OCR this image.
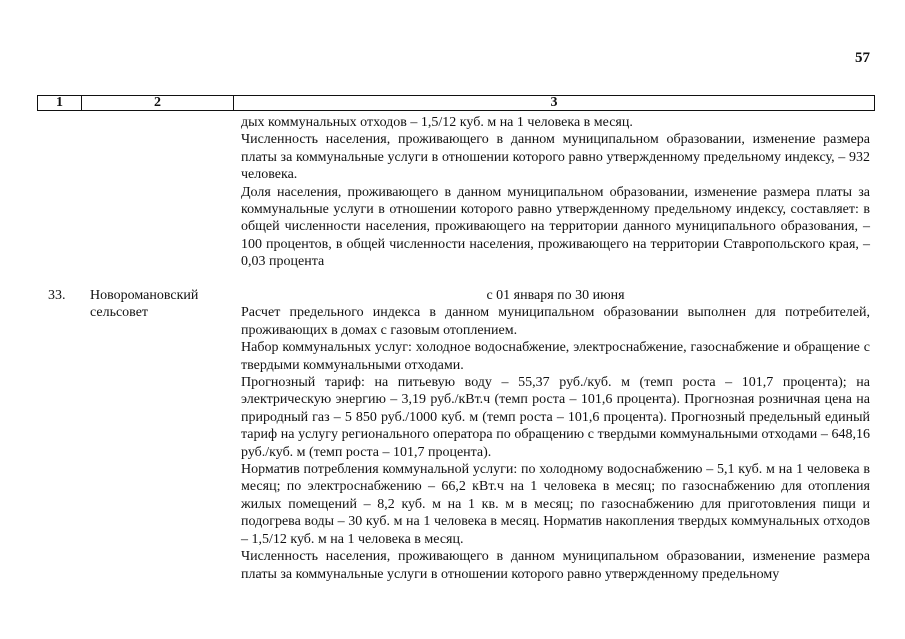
57
1	2	3

дых коммунальных отходов – 1,5/12 куб. м на 1 человека в месяц.

Численность населения, проживающего в данном муниципальном образовании, изменение размера платы за коммунальные услуги в отношении которого равно утвержденному предельному индексу, – 932 человека.

Доля населения, проживающего в данном муниципальном образовании, изменение размера платы за коммунальные услуги в отношении которого равно утвержденному предельному индексу, составляет: в общей численности населения, проживающего на территории данного муниципального образования, – 100 процентов, в общей численности населения, проживающего на территории Ставропольского края, – 0,03 процента

33. Новоромановский сельсовет

с 01 января по 30 июня

Расчет предельного индекса в данном муниципальном образовании выполнен для потребителей, проживающих в домах с газовым отоплением.

Набор коммунальных услуг: холодное водоснабжение, электроснабжение, газоснабжение и обращение с твердыми коммунальными отходами.

Прогнозный тариф: на питьевую воду – 55,37 руб./куб. м (темп роста – 101,7 процента); на электрическую энергию – 3,19 руб./кВт.ч (темп роста – 101,6 процента). Прогнозная розничная цена на природный газ – 5 850 руб./1000 куб. м (темп роста – 101,6 процента). Прогнозный предельный единый тариф на услугу регионального оператора по обращению с твердыми коммунальными отходами – 648,16 руб./куб. м (темп роста – 101,7 процента).

Норматив потребления коммунальной услуги: по холодному водоснабжению – 5,1 куб. м на 1 человека в месяц; по электроснабжению – 66,2 кВт.ч на 1 человека в месяц; по газоснабжению для отопления жилых помещений – 8,2 куб. м на 1 кв. м в месяц; по газоснабжению для приготовления пищи и подогрева воды – 30 куб. м на 1 человека в месяц. Норматив накопления твердых коммунальных отходов – 1,5/12 куб. м на 1 человека в месяц.

Численность населения, проживающего в данном муниципальном образовании, изменение размера платы за коммунальные услуги в отношении которого равно утвержденному предельному
